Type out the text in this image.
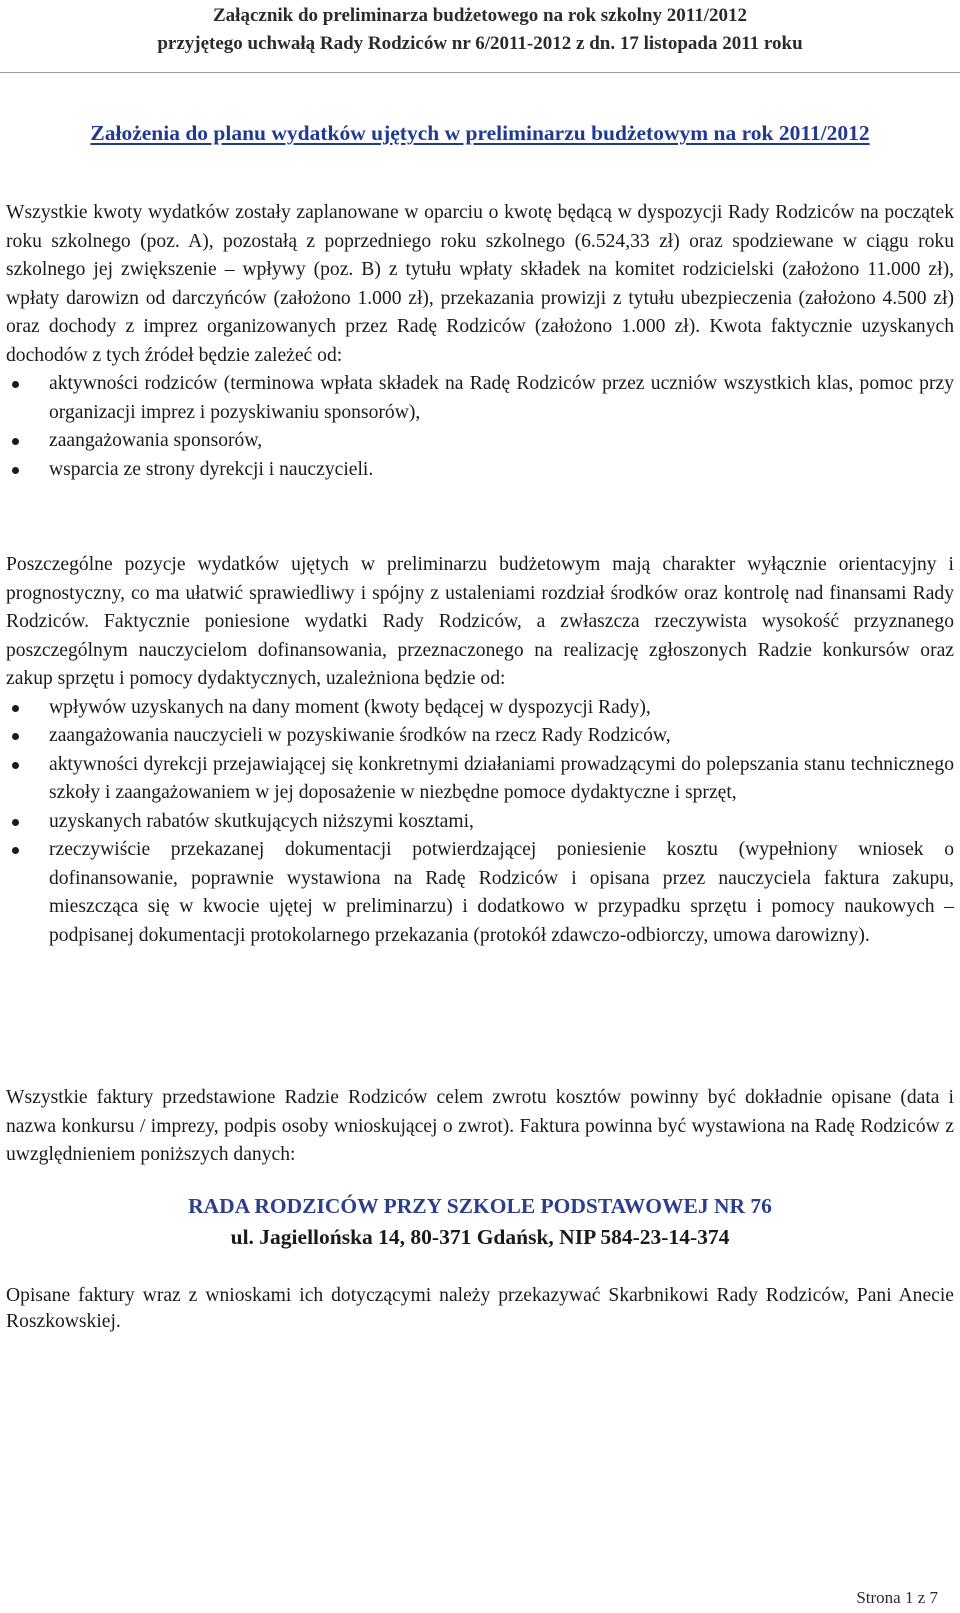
Załącznik do preliminarza budżetowego na rok szkolny 2011/2012
przyjętego uchwałą Rady Rodziców nr 6/2011-2012 z dn. 17 listopada 2011 roku
Założenia do planu wydatków ujętych w preliminarzu budżetowym na rok 2011/2012
Wszystkie kwoty wydatków zostały zaplanowane w oparciu o kwotę będącą w dyspozycji Rady Rodziców na początek roku szkolnego (poz. A), pozostałą z poprzedniego roku szkolnego (6.524,33 zł) oraz spodziewane w ciągu roku szkolnego jej zwiększenie – wpływy (poz. B) z tytułu wpłaty składek na komitet rodzicielski (założono 11.000 zł), wpłaty darowizn od darczyńców (założono 1.000 zł), przekazania prowizji z tytułu ubezpieczenia (założono 4.500 zł) oraz dochody z imprez organizowanych przez Radę Rodziców (założono 1.000 zł). Kwota faktycznie uzyskanych dochodów z tych źródeł będzie zależeć od:
aktywności rodziców (terminowa wpłata składek na Radę Rodziców przez uczniów wszystkich klas, pomoc przy organizacji imprez i pozyskiwaniu sponsorów),
zaangażowania sponsorów,
wsparcia ze strony dyrekcji i nauczycieli.
Poszczególne pozycje wydatków ujętych w preliminarzu budżetowym mają charakter wyłącznie orientacyjny i prognostyczny, co ma ułatwić sprawiedliwy i spójny z ustaleniami rozdział środków oraz kontrolę nad finansami Rady Rodziców. Faktycznie poniesione wydatki Rady Rodziców, a zwłaszcza rzeczywista wysokość przyznanego poszczególnym nauczycielom dofinansowania, przeznaczonego na realizację zgłoszonych Radzie konkursów oraz zakup sprzętu i pomocy dydaktycznych, uzależniona będzie od:
wpływów uzyskanych na dany moment (kwoty będącej w dyspozycji Rady),
zaangażowania nauczycieli w pozyskiwanie środków na rzecz Rady Rodziców,
aktywności dyrekcji przejawiającej się konkretnymi działaniami prowadzącymi do polepszania stanu technicznego szkoły i zaangażowaniem w jej doposażenie w niezbędne pomoce dydaktyczne i sprzęt,
uzyskanych rabatów skutkujących niższymi kosztami,
rzeczywiście przekazanej dokumentacji potwierdzającej poniesienie kosztu (wypełniony wniosek o dofinansowanie, poprawnie wystawiona na Radę Rodziców i opisana przez nauczyciela faktura zakupu, mieszcząca się w kwocie ujętej w preliminarzu) i dodatkowo w przypadku sprzętu i pomocy naukowych – podpisanej dokumentacji protokolarnego przekazania (protokół zdawczo-odbiorczy, umowa darowizny).
Wszystkie faktury przedstawione Radzie Rodziców celem zwrotu kosztów powinny być dokładnie opisane (data i nazwa konkursu / imprezy, podpis osoby wnioskującej o zwrot). Faktura powinna być wystawiona na Radę Rodziców z uwzględnieniem poniższych danych:
RADA RODZICÓW PRZY SZKOLE PODSTAWOWEJ NR 76
ul. Jagiellońska 14, 80-371 Gdańsk, NIP 584-23-14-374
Opisane faktury wraz z wnioskami ich dotyczącymi należy przekazywać Skarbnikowi Rady Rodziców, Pani Anecie Roszkowskiej.
Strona 1 z 7
